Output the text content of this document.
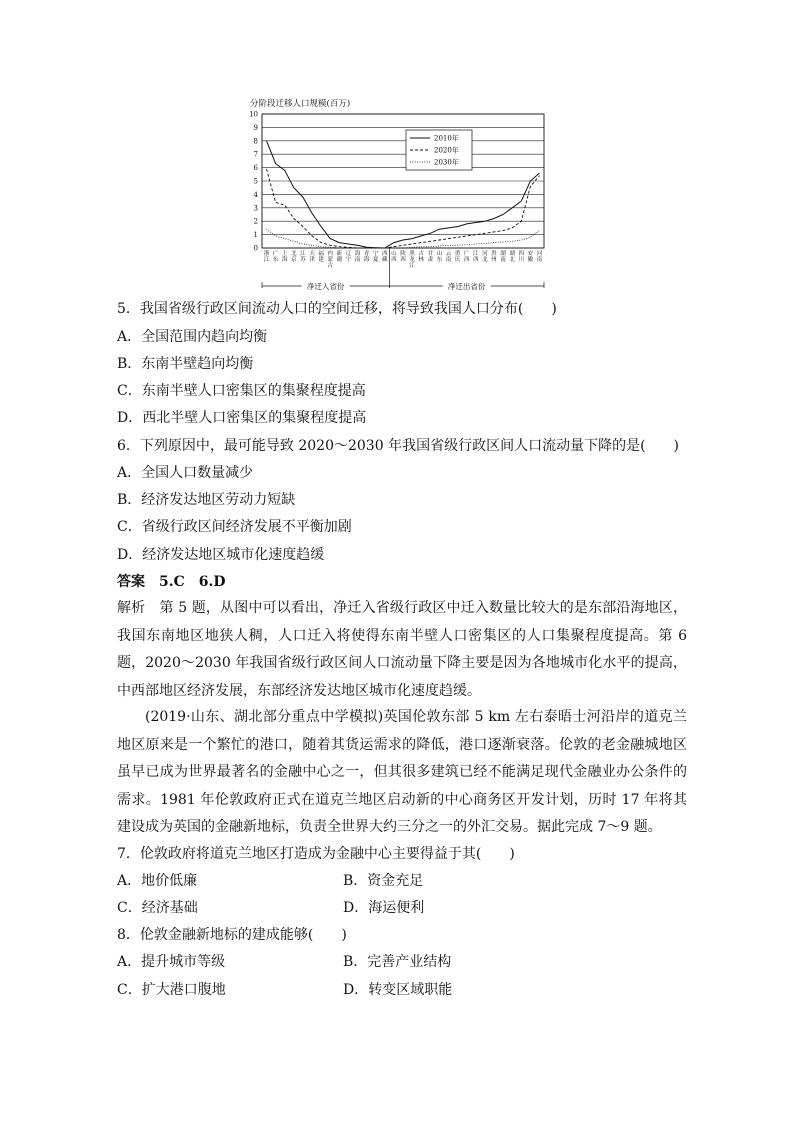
分阶段迁移人口规模(百万)
0
1
2
3
4
5
6
7
8
9
10
浙江
广东
上海
北京
江苏
天津
福建
内蒙古
新疆
辽宁
海南
青海
宁夏
西藏
山西
陕西
黑龙江
吉林
甘肃
山东
云南
重庆
广西
江西
河北
贵州
湖南
湖北
四川
安徽
河南
2010年
2020年
2030年
净迁入省份	净迁出省份
5．我国省级行政区间流动人口的空间迁移，将导致我国人口分布(　　)
A．全国范围内趋向均衡
B．东南半壁趋向均衡
C．东南半壁人口密集区的集聚程度提高
D．西北半壁人口密集区的集聚程度提高
6．下列原因中，最可能导致 2020～2030 年我国省级行政区间人口流动量下降的是(　　)
A．全国人口数量减少
B．经济发达地区劳动力短缺
C．省级行政区间经济发展不平衡加剧
D．经济发达地区城市化速度趋缓
答案　5.C　6.D
解析　第 5 题，从图中可以看出，净迁入省级行政区中迁入数量比较大的是东部沿海地区，我国东南地区地狭人稠，人口迁入将使得东南半壁人口密集区的人口集聚程度提高。第 6 题，2020～2030 年我国省级行政区间人口流动量下降主要是因为各地城市化水平的提高，中西部地区经济发展，东部经济发达地区城市化速度趋缓。
(2019·山东、湖北部分重点中学模拟)英国伦敦东部 5 km 左右泰晤士河沿岸的道克兰地区原来是一个繁忙的港口，随着其货运需求的降低，港口逐渐衰落。伦敦的老金融城地区虽早已成为世界最著名的金融中心之一，但其很多建筑已经不能满足现代金融业办公条件的需求。1981 年伦敦政府正式在道克兰地区启动新的中心商务区开发计划，历时 17 年将其建设成为英国的金融新地标，负责全世界大约三分之一的外汇交易。据此完成 7～9 题。
7．伦敦政府将道克兰地区打造成为金融中心主要得益于其(　　)
A．地价低廉	B．资金充足
C．经济基础	D．海运便利
8．伦敦金融新地标的建成能够(　　)
A．提升城市等级	B．完善产业结构
C．扩大港口腹地	D．转变区域职能
